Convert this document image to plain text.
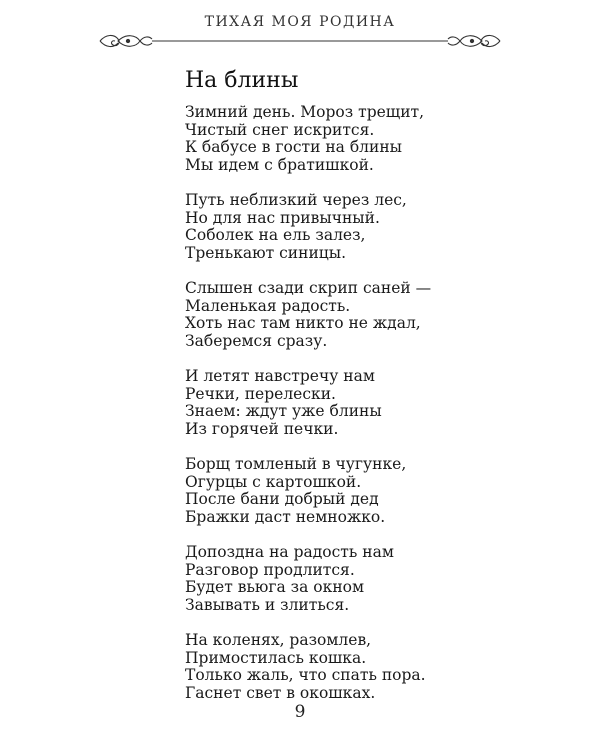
ТИХАЯ МОЯ РОДИНА
На блины
Зимний день. Мороз трещит,
Чистый снег искрится.
К бабусе в гости на блины
Мы идем с братишкой.
Путь неблизкий через лес,
Но для нас привычный.
Соболек на ель залез,
Тренькают синицы.
Слышен сзади скрип саней —
Маленькая радость.
Хоть нас там никто не ждал,
Заберемся сразу.
И летят навстречу нам
Речки, перелески.
Знаем: ждут уже блины
Из горячей печки.
Борщ томленый в чугунке,
Огурцы с картошкой.
После бани добрый дед
Бражки даст немножко.
Допоздна на радость нам
Разговор продлится.
Будет вьюга за окном
Завывать и злиться.
На коленях, разомлев,
Примостилась кошка.
Только жаль, что спать пора.
Гаснет свет в окошках.
9
